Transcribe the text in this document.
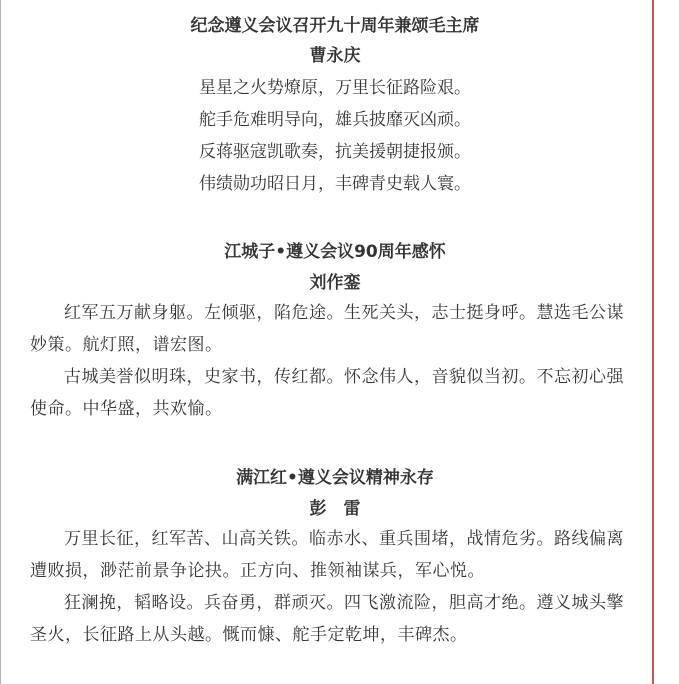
纪念遵义会议召开九十周年兼颂毛主席
曹永庆
星星之火势燎原，万里长征路险艰。
舵手危难明导向，雄兵披靡灭凶顽。
反蒋驱寇凯歌奏，抗美援朝捷报颁。
伟绩勋功昭日月，丰碑青史载人寰。
江城子•遵义会议90周年感怀
刘作銮
红军五万献身躯。左倾驱，陷危途。生死关头，志士挺身呼。慧选毛公谋妙策。航灯照，谱宏图。
古城美誉似明珠，史家书，传红都。怀念伟人，音貌似当初。不忘初心强使命。中华盛，共欢愉。
满江红•遵义会议精神永存
彭　雷
万里长征，红军苦、山高关铁。临赤水、重兵围堵，战情危劣。路线偏离遭败损，渺茫前景争论抉。正方向、推领袖谋兵，军心悦。
狂澜挽，韬略设。兵奋勇，群顽灭。四飞激流险，胆高才绝。遵义城头擎圣火，长征路上从头越。慨而慷、舵手定乾坤，丰碑杰。
